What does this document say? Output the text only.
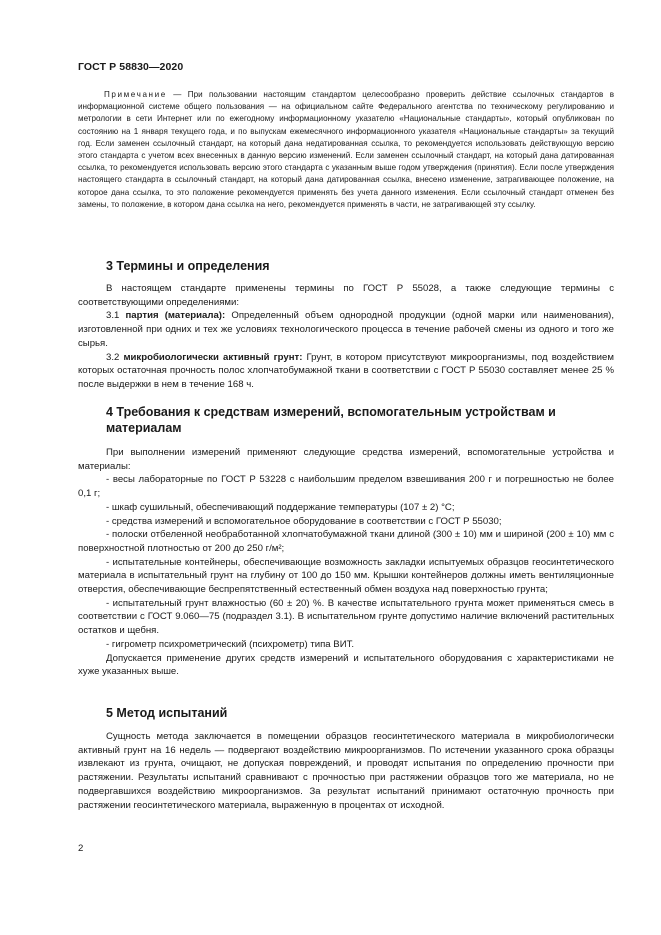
ГОСТ Р 58830—2020
Примечание — При пользовании настоящим стандартом целесообразно проверить действие ссылочных стандартов в информационной системе общего пользования — на официальном сайте Федерального агентства по техническому регулированию и метрологии в сети Интернет или по ежегодному информационному указателю «Национальные стандарты», который опубликован по состоянию на 1 января текущего года, и по выпускам ежемесячного информационного указателя «Национальные стандарты» за текущий год. Если заменен ссылочный стандарт, на который дана недатированная ссылка, то рекомендуется использовать действующую версию этого стандарта с учетом всех внесенных в данную версию изменений. Если заменен ссылочный стандарт, на который дана датированная ссылка, то рекомендуется использовать версию этого стандарта с указанным выше годом утверждения (принятия). Если после утверждения настоящего стандарта в ссылочный стандарт, на который дана датированная ссылка, внесено изменение, затрагивающее положение, на которое дана ссылка, то это положение рекомендуется применять без учета данного изменения. Если ссылочный стандарт отменен без замены, то положение, в котором дана ссылка на него, рекомендуется применять в части, не затрагивающей эту ссылку.
3 Термины и определения

В настоящем стандарте применены термины по ГОСТ Р 55028, а также следующие термины с соответствующими определениями:

3.1 партия (материала): Определенный объем однородной продукции (одной марки или наименования), изготовленной при одних и тех же условиях технологического процесса в течение рабочей смены из одного и того же сырья.

3.2 микробиологически активный грунт: Грунт, в котором присутствуют микроорганизмы, под воздействием которых остаточная прочность полос хлопчатобумажной ткани в соответствии с ГОСТ Р 55030 составляет менее 25 % после выдержки в нем в течение 168 ч.

4 Требования к средствам измерений, вспомогательным устройствам и материалам

При выполнении измерений применяют следующие средства измерений, вспомогательные устройства и материалы:

- весы лабораторные по ГОСТ Р 53228 с наибольшим пределом взвешивания 200 г и погрешностью не более 0,1 г;

- шкаф сушильный, обеспечивающий поддержание температуры (107 ± 2) °С;

- средства измерений и вспомогательное оборудование в соответствии с ГОСТ Р 55030;

- полоски отбеленной необработанной хлопчатобумажной ткани длиной (300 ± 10) мм и шириной (200 ± 10) мм с поверхностной плотностью от 200 до 250 г/м²;

- испытательные контейнеры, обеспечивающие возможность закладки испытуемых образцов геосинтетического материала в испытательный грунт на глубину от 100 до 150 мм. Крышки контейнеров должны иметь вентиляционные отверстия, обеспечивающие беспрепятственный естественный обмен воздуха над поверхностью грунта;

- испытательный грунт влажностью (60 ± 20) %. В качестве испытательного грунта может применяться смесь в соответствии с ГОСТ 9.060—75 (подраздел 3.1). В испытательном грунте допустимо наличие включений растительных остатков и щебня.

- гигрометр психрометрический (психрометр) типа ВИТ.

Допускается применение других средств измерений и испытательного оборудования с характеристиками не хуже указанных выше.

5 Метод испытаний

Сущность метода заключается в помещении образцов геосинтетического материала в микробиологически активный грунт на 16 недель — подвергают воздействию микроорганизмов. По истечении указанного срока образцы извлекают из грунта, очищают, не допуская повреждений, и проводят испытания по определению прочности при растяжении. Результаты испытаний сравнивают с прочностью при растяжении образцов того же материала, но не подвергавшихся воздействию микроорганизмов. За результат испытаний принимают остаточную прочность при растяжении геосинтетического материала, выраженную в процентах от исходной.

2
